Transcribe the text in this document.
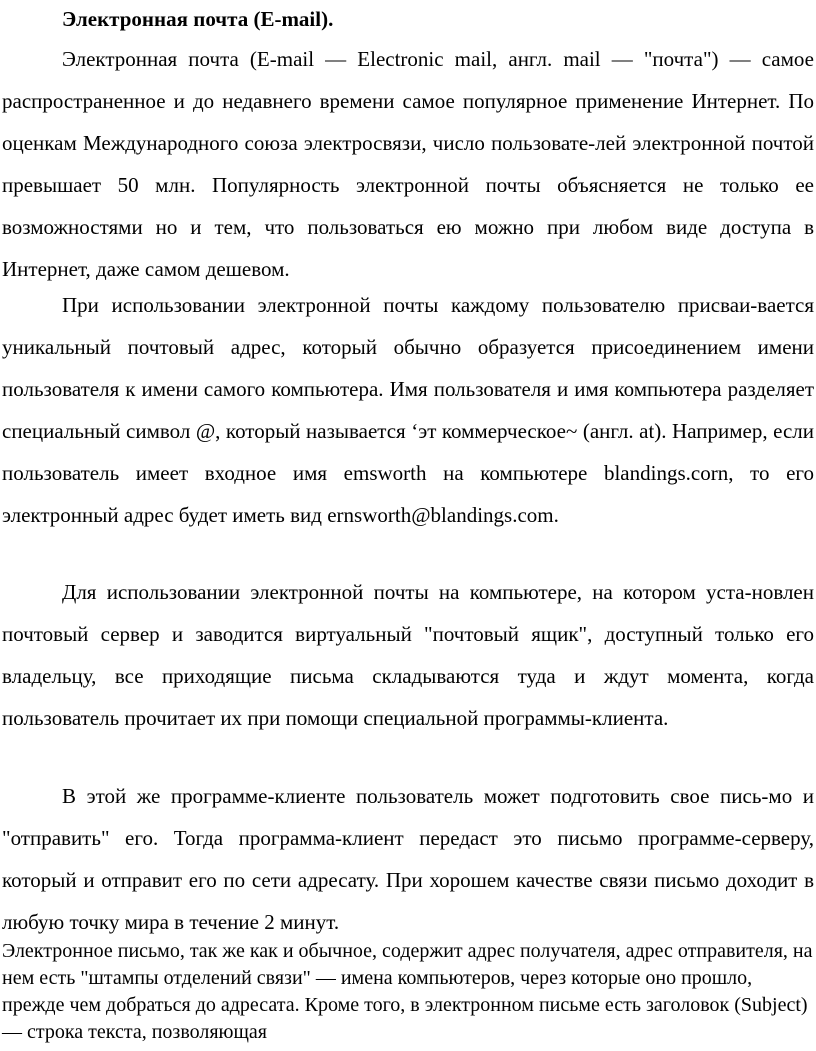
Электронная почта (E-mail).

Электронная почта (E-mail — Electronic mail, англ. mail — "почта") — самое распространенное и до недавнего времени самое популярное применение Интернет. По оценкам Международного союза электросвязи, число пользовате-лей электронной почтой превышает 50 млн. Популярность электронной почты объясняется не только ее возможностями но и тем, что пользоваться ею можно при любом виде доступа в Интернет, даже самом дешевом.

При использовании электронной почты каждому пользователю присваи-вается уникальный почтовый адрес, который обычно образуется присоединением имени пользователя к имени самого компьютера. Имя пользователя и имя компьютера разделяет специальный символ @, который называется ‘эт коммерческое~ (англ. at). Например, если пользователь имеет входное имя emsworth на компьютере blandings.corn, то его электронный адрес будет иметь вид ernsworth@blandings.com.

Для использовании электронной почты на компьютере, на котором уста-новлен почтовый сервер и заводится виртуальный "почтовый ящик", доступный только его владельцу, все приходящие письма складываются туда и ждут момента, когда пользователь прочитает их при помощи специальной программы-клиента.

В этой же программе-клиенте пользователь может подготовить свое пись-мо и "отправить" его. Тогда программа-клиент передаст это письмо программе-серверу, который и отправит его по сети адресату. При хорошем качестве связи письмо доходит в любую точку мира в течение 2 минут.

Электронное письмо, так же как и обычное, содержит адрес получателя, адрес отправителя, на нем есть "штампы отделений связи" — имена компьютеров, через которые оно прошло, прежде чем добраться до адресата. Кроме того, в электронном письме есть заголовок (Subject) — строка текста, позволяющая
